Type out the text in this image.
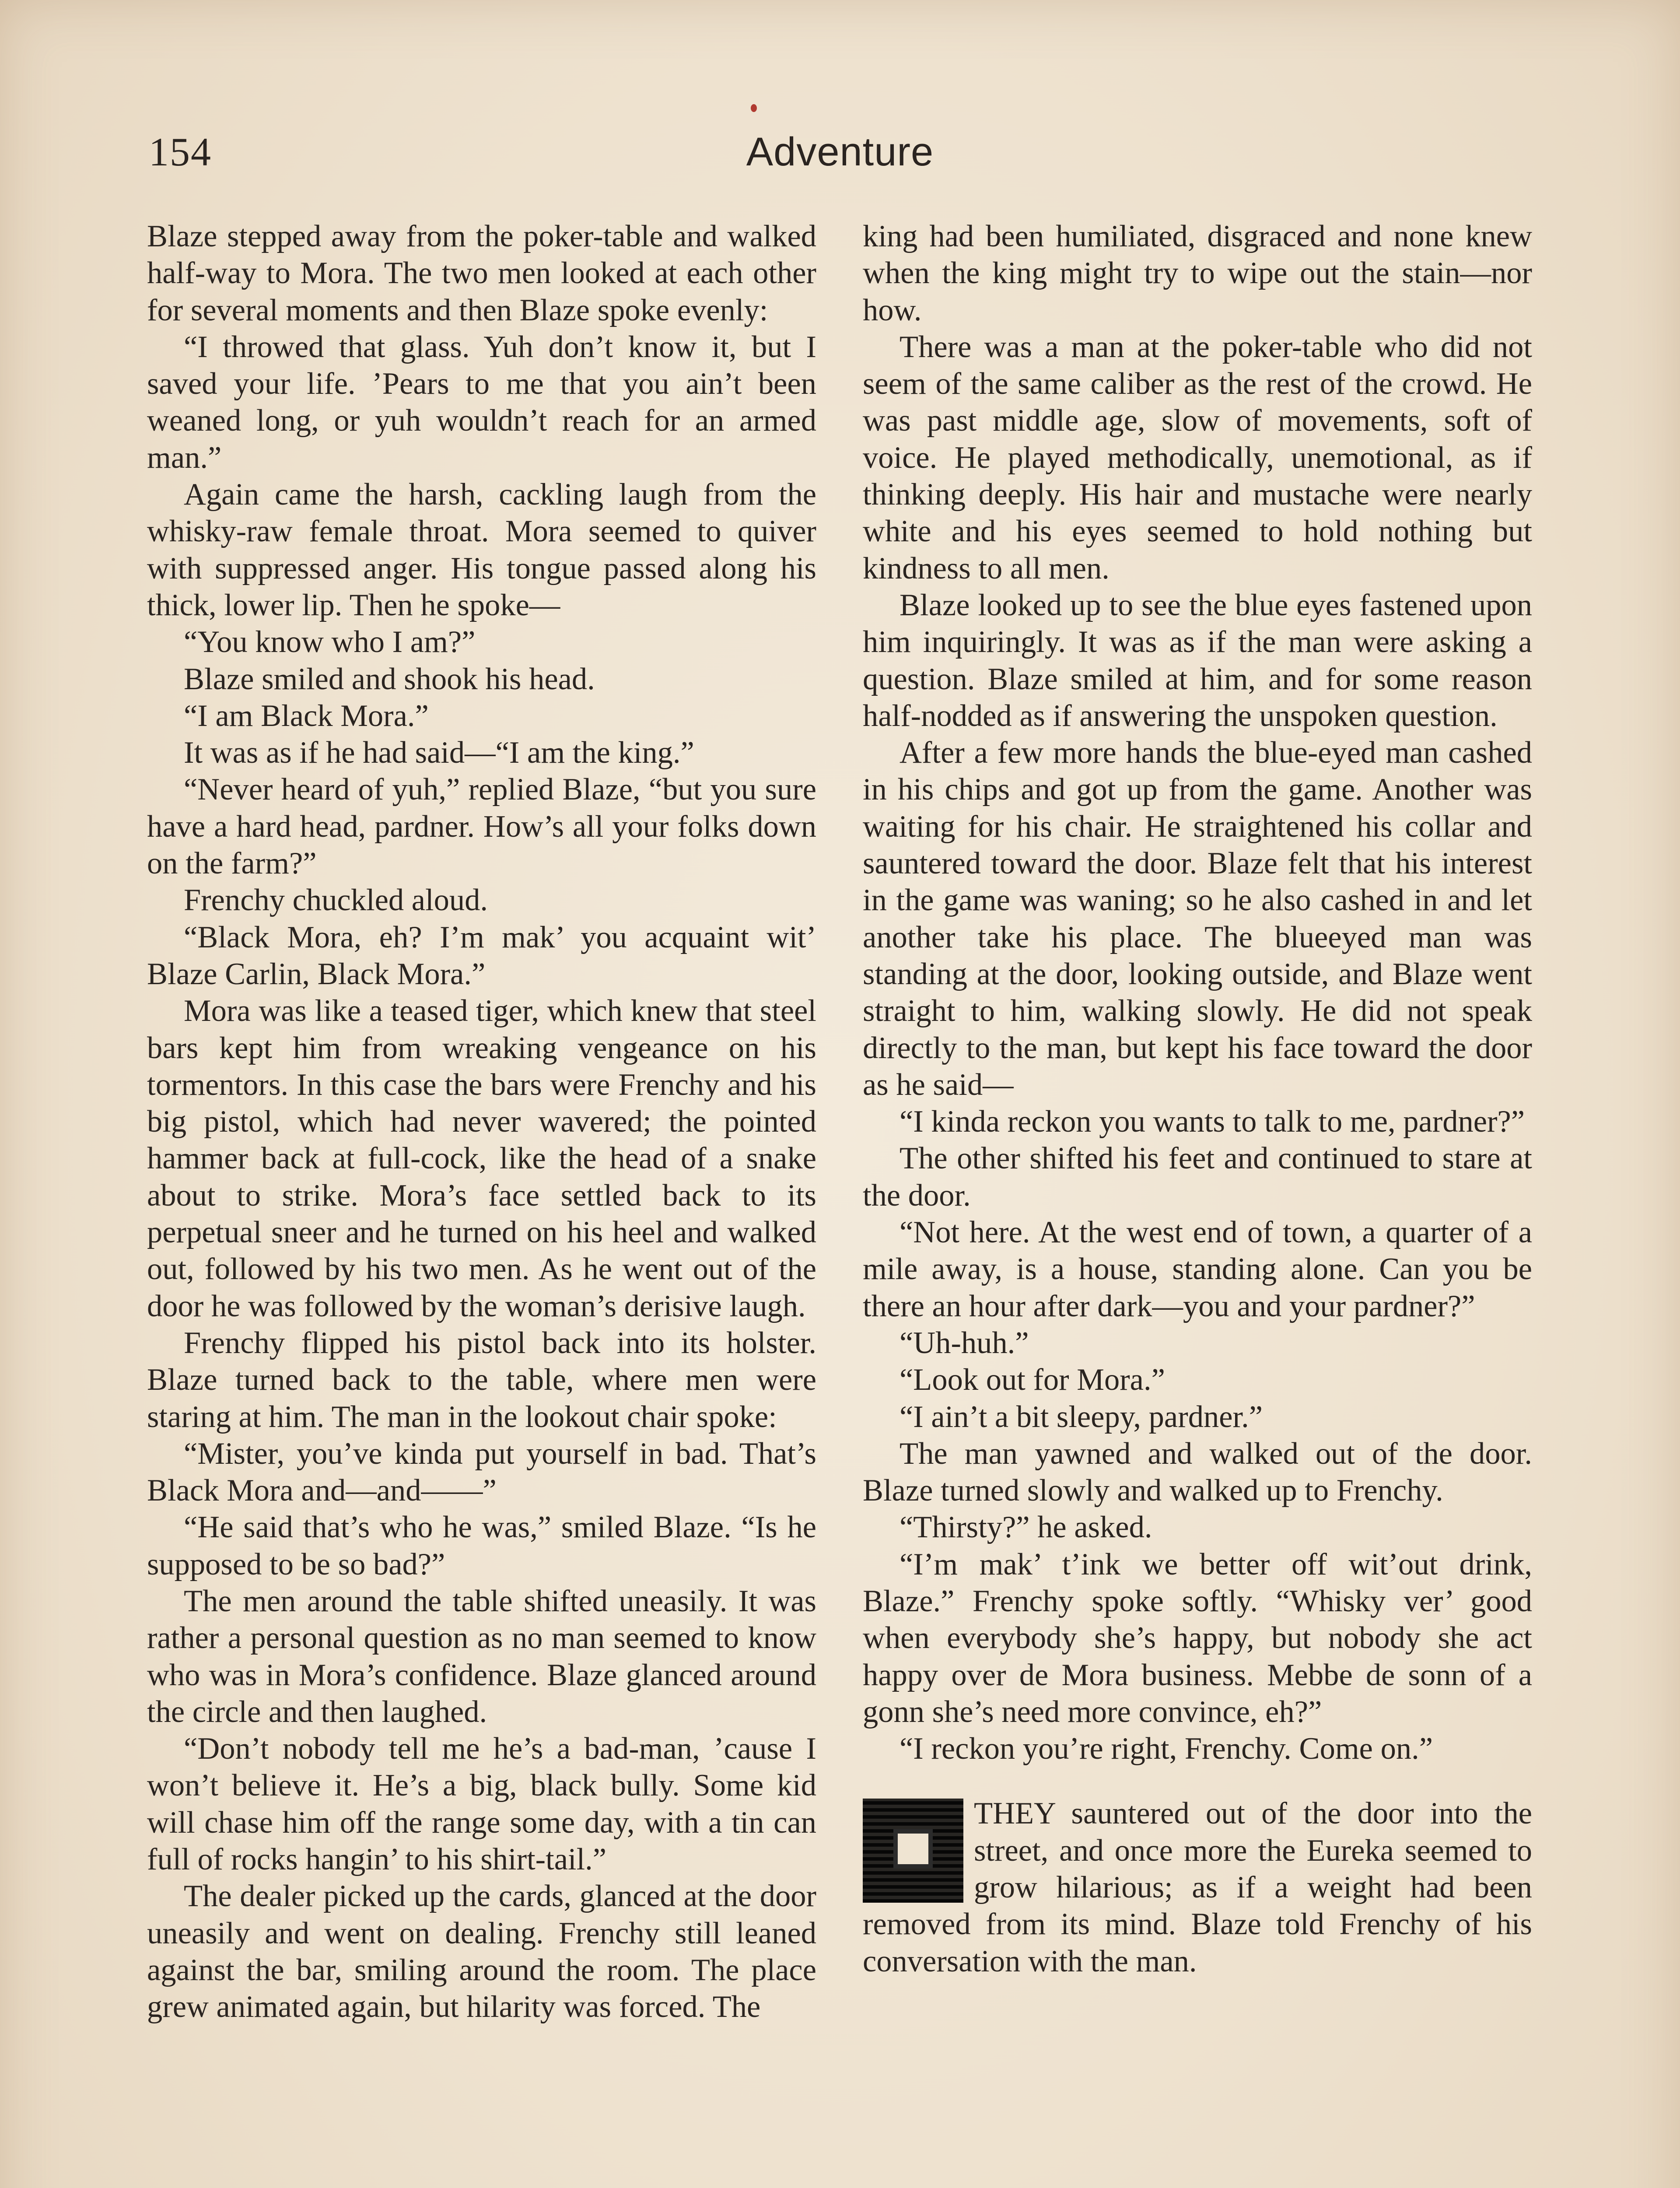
154	Adventure

Blaze stepped away from the poker-table and walked half-way to Mora. The two men looked at each other for several moments and then Blaze spoke evenly:

“I throwed that glass. Yuh don’t know it, but I saved your life. ’Pears to me that you ain’t been weaned long, or yuh wouldn’t reach for an armed man.”

Again came the harsh, cackling laugh from the whisky-raw female throat. Mora seemed to quiver with suppressed anger. His tongue passed along his thick, lower lip. Then he spoke—

“You know who I am?”

Blaze smiled and shook his head.

“I am Black Mora.”

It was as if he had said—“I am the king.”

“Never heard of yuh,” replied Blaze, “but you sure have a hard head, pardner. How’s all your folks down on the farm?”

Frenchy chuckled aloud.

“Black Mora, eh? I’m mak’ you acquaint wit’ Blaze Carlin, Black Mora.”

Mora was like a teased tiger, which knew that steel bars kept him from wreaking vengeance on his tormentors. In this case the bars were Frenchy and his big pistol, which had never wavered; the pointed hammer back at full-cock, like the head of a snake about to strike. Mora’s face settled back to its perpetual sneer and he turned on his heel and walked out, followed by his two men. As he went out of the door he was followed by the woman’s derisive laugh.

Frenchy flipped his pistol back into its holster. Blaze turned back to the table, where men were staring at him. The man in the lookout chair spoke:

“Mister, you’ve kinda put yourself in bad. That’s Black Mora and—and——”

“He said that’s who he was,” smiled Blaze. “Is he supposed to be so bad?”

The men around the table shifted uneasily. It was rather a personal question as no man seemed to know who was in Mora’s confidence. Blaze glanced around the circle and then laughed.

“Don’t nobody tell me he’s a bad-man, ’cause I won’t believe it. He’s a big, black bully. Some kid will chase him off the range some day, with a tin can full of rocks hangin’ to his shirt-tail.”

The dealer picked up the cards, glanced at the door uneasily and went on dealing. Frenchy still leaned against the bar, smiling around the room. The place grew animated again, but hilarity was forced. The

king had been humiliated, disgraced and none knew when the king might try to wipe out the stain—nor how.

There was a man at the poker-table who did not seem of the same caliber as the rest of the crowd. He was past middle age, slow of movements, soft of voice. He played methodically, unemotional, as if thinking deeply. His hair and mustache were nearly white and his eyes seemed to hold nothing but kindness to all men.

Blaze looked up to see the blue eyes fastened upon him inquiringly. It was as if the man were asking a question. Blaze smiled at him, and for some reason half-nodded as if answering the unspoken question.

After a few more hands the blue-eyed man cashed in his chips and got up from the game. Another was waiting for his chair. He straightened his collar and sauntered toward the door. Blaze felt that his interest in the game was waning; so he also cashed in and let another take his place. The blueeyed man was standing at the door, looking outside, and Blaze went straight to him, walking slowly. He did not speak directly to the man, but kept his face toward the door as he said—

“I kinda reckon you wants to talk to me, pardner?”

The other shifted his feet and continued to stare at the door.

“Not here. At the west end of town, a quarter of a mile away, is a house, standing alone. Can you be there an hour after dark—you and your pardner?”

“Uh-huh.”

“Look out for Mora.”

“I ain’t a bit sleepy, pardner.”

The man yawned and walked out of the door. Blaze turned slowly and walked up to Frenchy.

“Thirsty?” he asked.

“I’m mak’ t’ink we better off wit’out drink, Blaze.” Frenchy spoke softly. “Whisky ver’ good when everybody she’s happy, but nobody she act happy over de Mora business. Mebbe de sonn of a gonn she’s need more convince, eh?”

“I reckon you’re right, Frenchy. Come on.”

THEY sauntered out of the door into the street, and once more the Eureka seemed to grow hilarious; as if a weight had been removed from its mind. Blaze told Frenchy of his conversation with the man.
